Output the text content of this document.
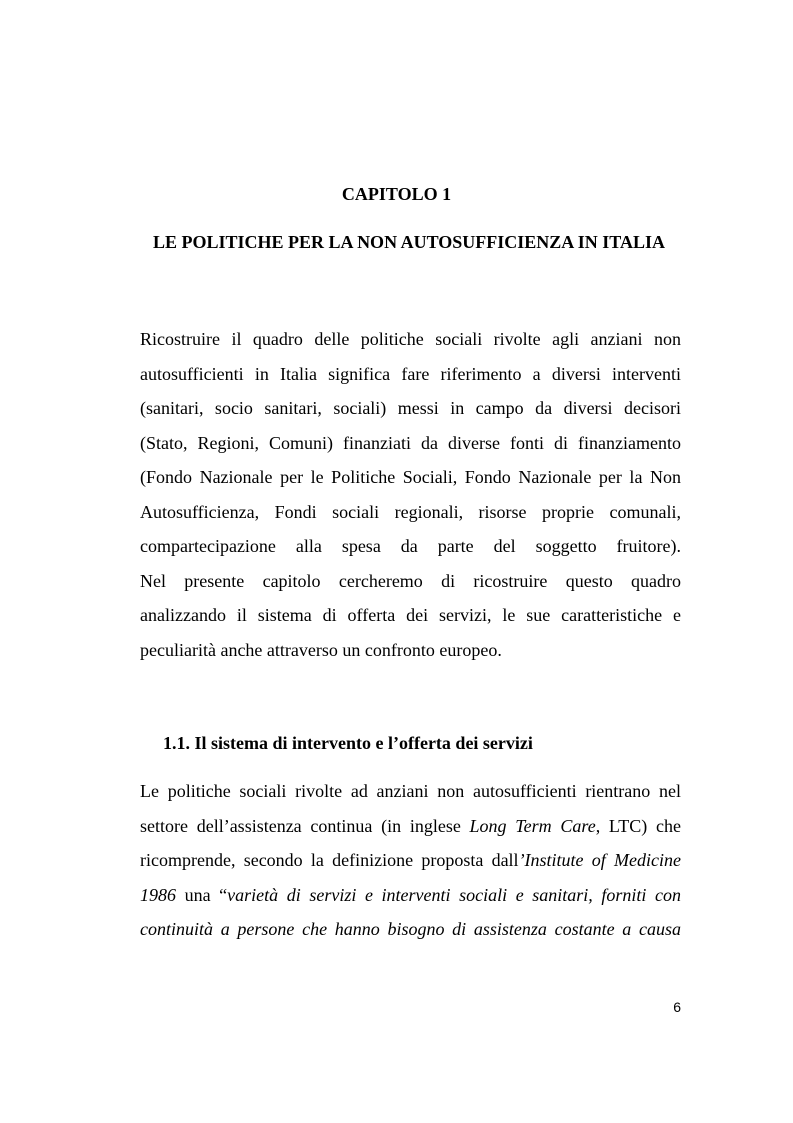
CAPITOLO 1
LE POLITICHE PER LA NON AUTOSUFFICIENZA IN ITALIA
Ricostruire il quadro delle politiche sociali rivolte agli anziani non
autosufficienti in Italia significa fare riferimento a diversi interventi
(sanitari, socio sanitari, sociali) messi in campo da diversi decisori
(Stato, Regioni, Comuni) finanziati da diverse fonti di finanziamento
(Fondo Nazionale per le Politiche Sociali, Fondo Nazionale per la Non
Autosufficienza, Fondi sociali regionali, risorse proprie comunali,
compartecipazione alla spesa da parte del soggetto fruitore).
Nel presente capitolo cercheremo di ricostruire questo quadro
analizzando il sistema di offerta dei servizi, le sue caratteristiche e
peculiarità anche attraverso un confronto europeo.
1.1. Il sistema di intervento e l’offerta dei servizi
Le politiche sociali rivolte ad anziani non autosufficienti rientrano nel
settore dell’assistenza continua (in inglese Long Term Care, LTC) che
ricomprende, secondo la definizione proposta dall’Institute of Medicine
1986 una “varietà di servizi e interventi sociali e sanitari, forniti con
continuità a persone che hanno bisogno di assistenza costante a causa
6
